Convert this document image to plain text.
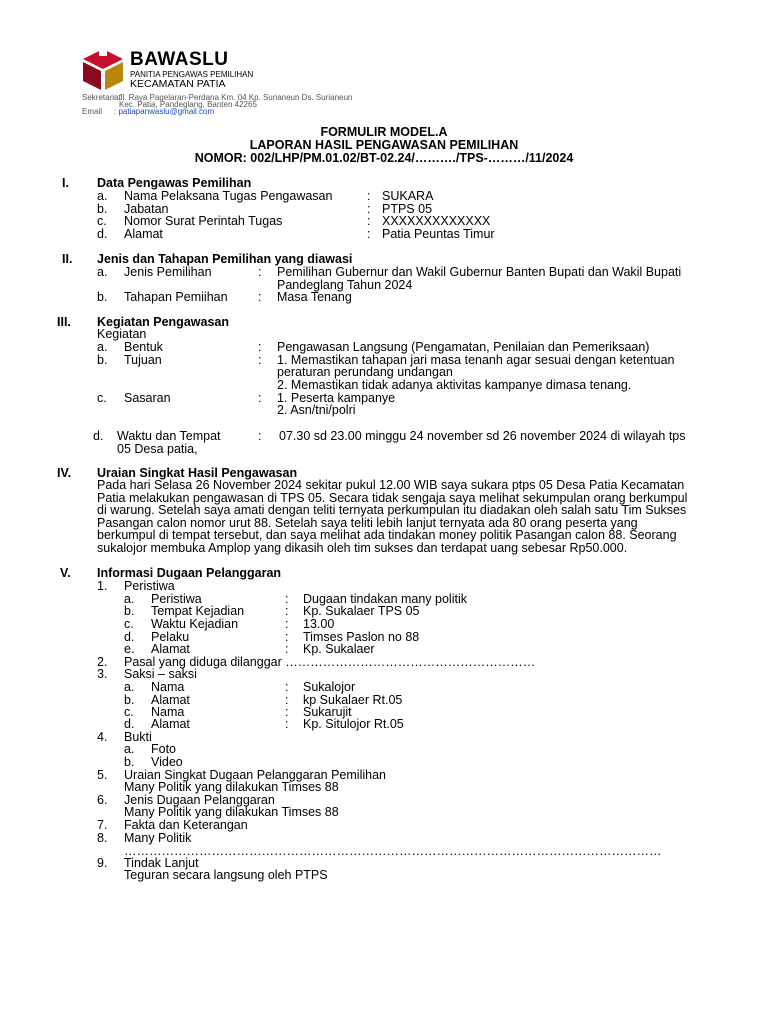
BAWASLU
PANITIA PENGAWAS PEMILIHAN
KECAMATAN PATIA
Sekretariat
: Jl. Raya Pagelaran-Perdana Km. 04 Kp. Surianeun Ds. Surianeun
Kec. Patia, Pandeglang, Banten 42265
Email : patiapanwaslu@gmail.com
FORMULIR MODEL.A
LAPORAN HASIL PENGAWASAN PEMILIHAN
NOMOR: 002/LHP/PM.01.02/BT-02.24/………./TPS-………/11/2024
I. Data Pengawas Pemilihan
a. Nama Pelaksana Tugas Pengawasan	: SUKARA
b. Jabatan	: PTPS 05
c. Nomor Surat Perintah Tugas	: XXXXXXXXXXXXX
d. Alamat	: Patia Peuntas Timur
II. Jenis dan Tahapan Pemilihan yang diawasi
a. Jenis Pemilihan	: Pemilihan Gubernur dan Wakil Gubernur Banten Bupati dan Wakil Bupati
Pandeglang Tahun 2024
b. Tahapan Pemiihan : Masa Tenang
III. Kegiatan Pengawasan
Kegiatan
a. Bentuk	: Pengawasan Langsung (Pengamatan, Penilaian dan Pemeriksaan)
b. Tujuan	: 1. Memastikan tahapan jari masa tenanh agar sesuai dengan ketentuan
peraturan perundang undangan
2. Memastikan tidak adanya aktivitas kampanye dimasa tenang.
c. Sasaran	: 1. Peserta kampanye
2. Asn/tni/polri
d. Waktu dan Tempat	: 07.30 sd 23.00 minggu 24 november sd 26 november 2024 di wilayah tps
05 Desa patia,
IV. Uraian Singkat Hasil Pengawasan
Pada hari Selasa 26 November 2024 sekitar pukul 12.00 WIB saya sukara ptps 05 Desa Patia Kecamatan
Patia melakukan pengawasan di TPS 05. Secara tidak sengaja saya melihat sekumpulan orang berkumpul
di warung. Setelah saya amati dengan teliti ternyata perkumpulan itu diadakan oleh salah satu Tim Sukses
Pasangan calon nomor urut 88. Setelah saya teliti lebih lanjut ternyata ada 80 orang peserta yang
berkumpul di tempat tersebut, dan saya melihat ada tindakan money politik Pasangan calon 88. Seorang
sukalojor membuka Amplop yang dikasih oleh tim sukses dan terdapat uang sebesar Rp50.000.
V. Informasi Dugaan Pelanggaran
1. Peristiwa
a. Peristiwa	: Dugaan tindakan many politik
b. Tempat Kejadian	: Kp. Sukalaer TPS 05
c. Waktu Kejadian	: 13.00
d. Pelaku	: Timses Paslon no 88
e. Alamat	: Kp. Sukalaer
2. Pasal yang diduga dilanggar ……………………………………………………
3. Saksi – saksi
a. Nama	: Sukalojor
b. Alamat	: kp Sukalaer Rt.05
c. Nama	: Sukarujit
d. Alamat	: Kp. Situlojor Rt.05
4. Bukti
a. Foto
b. Video
5. Uraian Singkat Dugaan Pelanggaran Pemilihan
Many Politik yang dilakukan Timses 88
6. Jenis Dugaan Pelanggaran
Many Politik yang dilakukan Timses 88
7. Fakta dan Keterangan
8. Many Politik
…………………………………………………………………………………………………………………
9. Tindak Lanjut
Teguran secara langsung oleh PTPS
